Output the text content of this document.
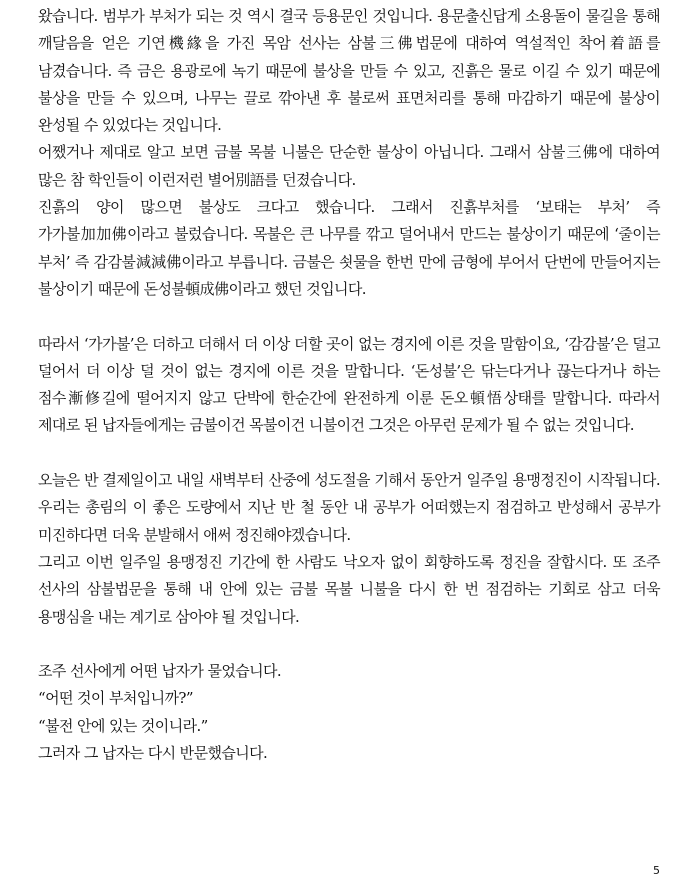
왔습니다. 범부가 부처가 되는 것 역시 결국 등용문인 것입니다. 용문출신답게 소용돌이 물길을 통해 깨달음을 얻은 기연機緣을 가진 목암 선사는 삼불三佛법문에 대하여 역설적인 착어着語를 남겼습니다. 즉 금은 용광로에 녹기 때문에 불상을 만들 수 있고, 진흙은 물로 이길 수 있기 때문에 불상을 만들 수 있으며, 나무는 끌로 깎아낸 후 불로써 표면처리를 통해 마감하기 때문에 불상이 완성될 수 있었다는 것입니다.

어쨌거나 제대로 알고 보면 금불 목불 니불은 단순한 불상이 아닙니다. 그래서 삼불三佛에 대하여 많은 참 학인들이 이런저런 별어別語를 던졌습니다.

진흙의 양이 많으면 불상도 크다고 했습니다. 그래서 진흙부처를 ‘보태는 부처’ 즉 가가불加加佛이라고 불렀습니다. 목불은 큰 나무를 깎고 덜어내서 만드는 불상이기 때문에 ‘줄이는 부처’ 즉 감감불減減佛이라고 부릅니다. 금불은 쇳물을 한번 만에 금형에 부어서 단번에 만들어지는 불상이기 때문에 돈성불頓成佛이라고 했던 것입니다.

따라서 ‘가가불’은 더하고 더해서 더 이상 더할 곳이 없는 경지에 이른 것을 말함이요, ‘감감불’은 덜고 덜어서 더 이상 덜 것이 없는 경지에 이른 것을 말합니다. ‘돈성불’은 닦는다거나 끊는다거나 하는 점수漸修길에 떨어지지 않고 단박에 한순간에 완전하게 이룬 돈오頓悟상태를 말합니다. 따라서 제대로 된 납자들에게는 금불이건 목불이건 니불이건 그것은 아무런 문제가 될 수 없는 것입니다.

오늘은 반 결제일이고 내일 새벽부터 산중에 성도절을 기해서 동안거 일주일 용맹정진이 시작됩니다. 우리는 총림의 이 좋은 도량에서 지난 반 철 동안 내 공부가 어떠했는지 점검하고 반성해서 공부가 미진하다면 더욱 분발해서 애써 정진해야겠습니다.

그리고 이번 일주일 용맹정진 기간에 한 사람도 낙오자 없이 회향하도록 정진을 잘합시다. 또 조주 선사의 삼불법문을 통해 내 안에 있는 금불 목불 니불을 다시 한 번 점검하는 기회로 삼고 더욱 용맹심을 내는 계기로 삼아야 될 것입니다.

조주 선사에게 어떤 납자가 물었습니다.

“어떤 것이 부처입니까?”

“불전 안에 있는 것이니라.”

그러자 그 납자는 다시 반문했습니다.

5
